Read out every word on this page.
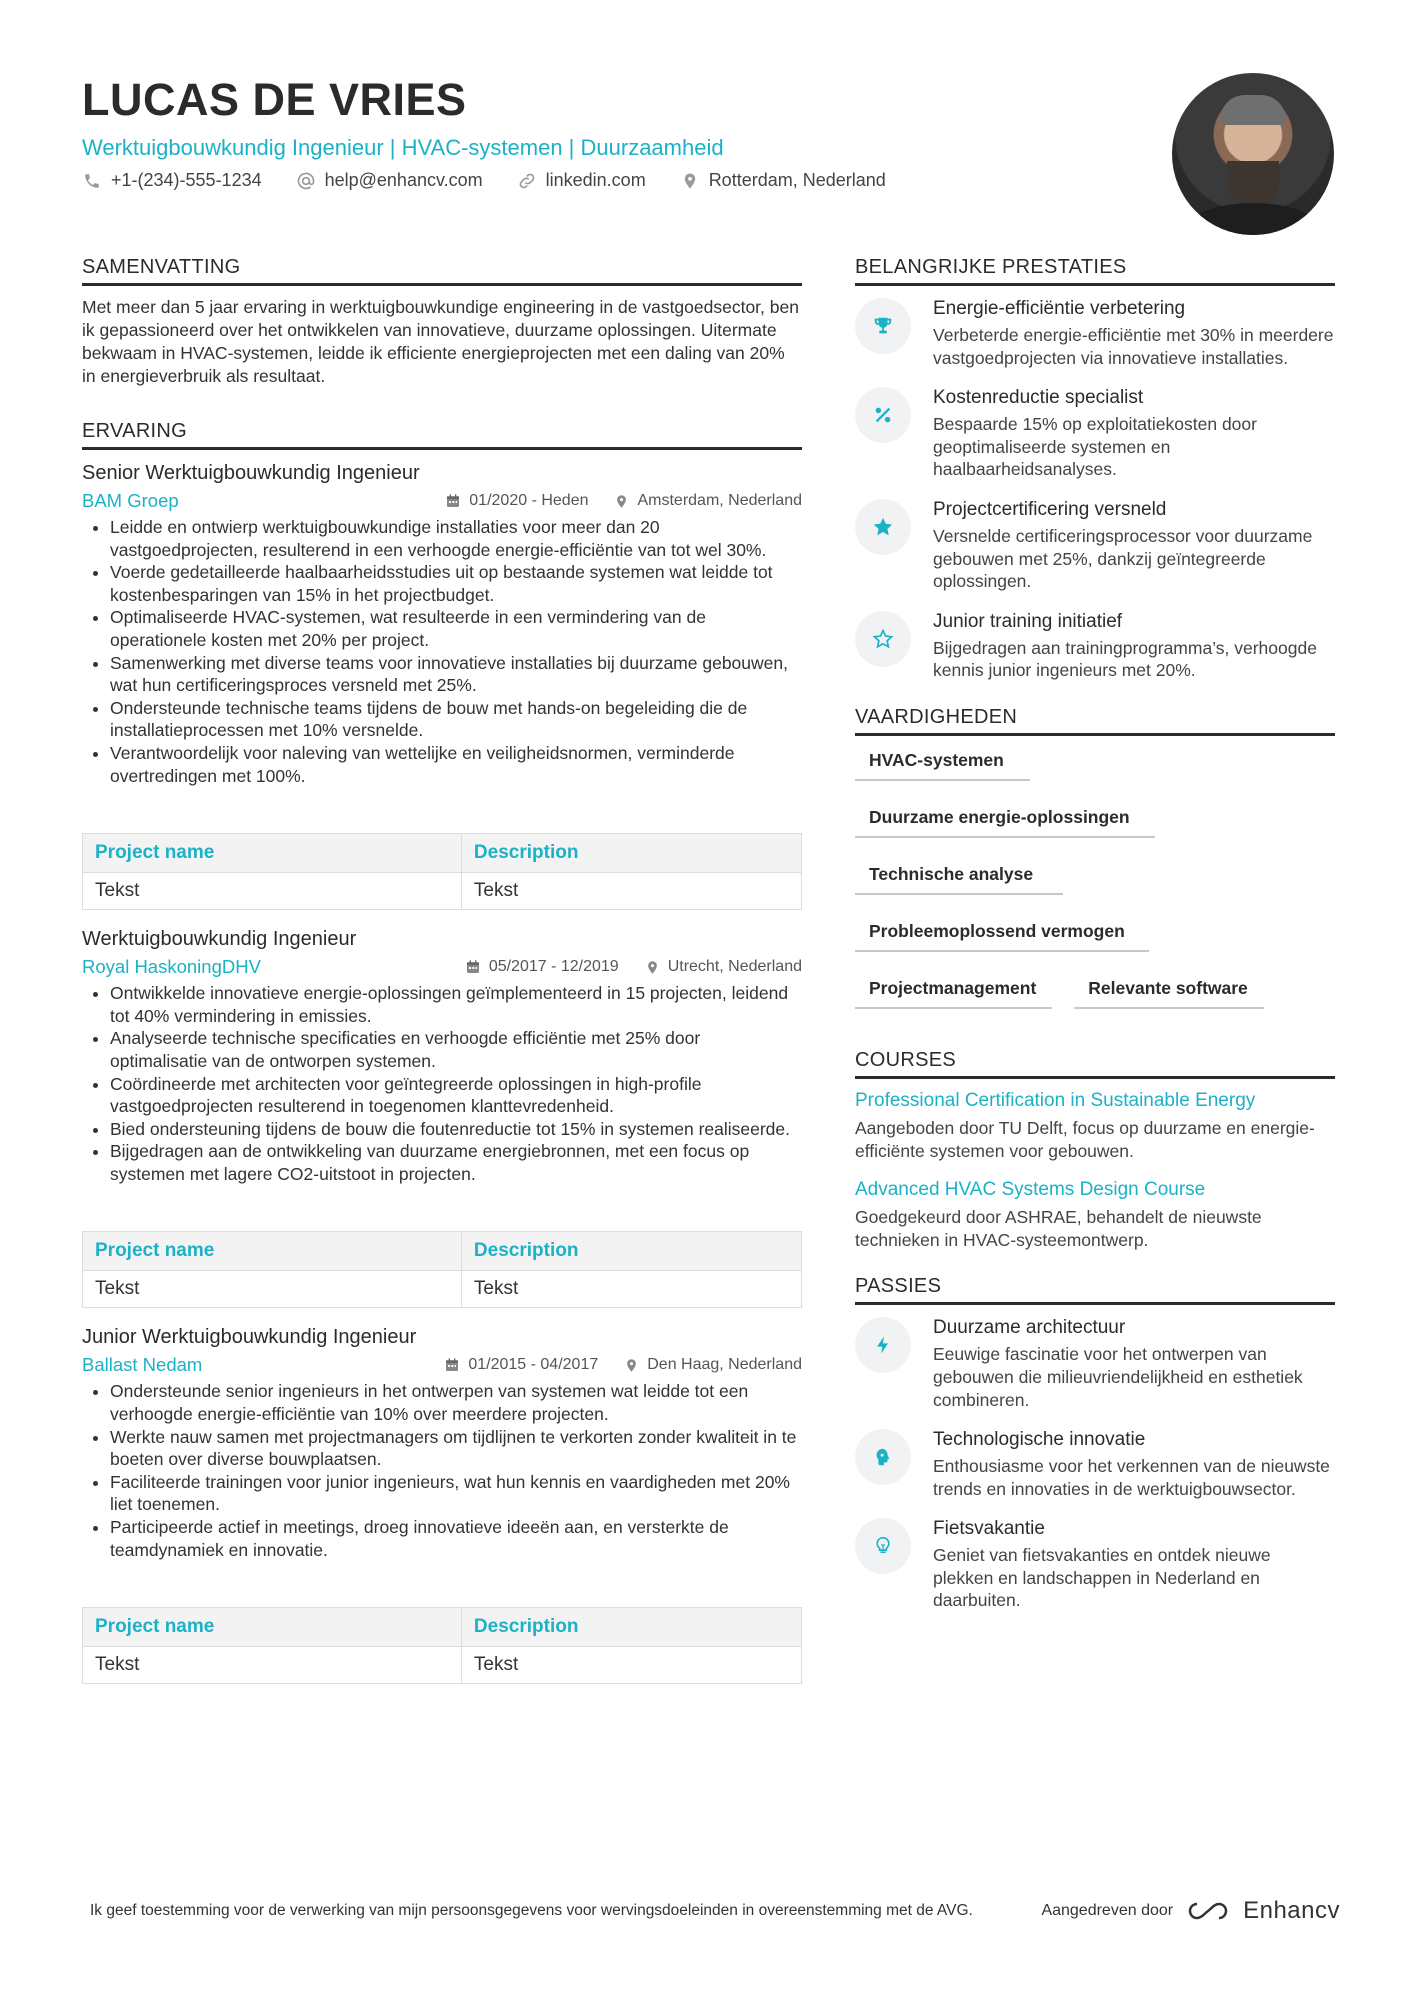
LUCAS DE VRIES
Werktuigbouwkundig Ingenieur | HVAC-systemen | Duurzaamheid
+1-(234)-555-1234	help@enhancv.com	linkedin.com	Rotterdam, Nederland
SAMENVATTING

Met meer dan 5 jaar ervaring in werktuigbouwkundige engineering in de vastgoedsector, ben ik gepassioneerd over het ontwikkelen van innovatieve, duurzame oplossingen. Uitermate bekwaam in HVAC-systemen, leidde ik efficiente energieprojecten met een daling van 20% in energieverbruik als resultaat.

ERVARING
Senior Werktuigbouwkundig Ingenieur
BAM Groep	01/2020 - Heden	Amsterdam, Nederland
• Leidde en ontwierp werktuigbouwkundige installaties voor meer dan 20 vastgoedprojecten, resulterend in een verhoogde energie-efficiëntie van tot wel 30%.
• Voerde gedetailleerde haalbaarheidsstudies uit op bestaande systemen wat leidde tot kostenbesparingen van 15% in het projectbudget.
• Optimaliseerde HVAC-systemen, wat resulteerde in een vermindering van de operationele kosten met 20% per project.
• Samenwerking met diverse teams voor innovatieve installaties bij duurzame gebouwen, wat hun certificeringsproces versneld met 25%.
• Ondersteunde technische teams tijdens de bouw met hands-on begeleiding die de installatieprocessen met 10% versnelde.
• Verantwoordelijk voor naleving van wettelijke en veiligheidsnormen, verminderde overtredingen met 100%.
Project name	Description
Tekst	Tekst
Werktuigbouwkundig Ingenieur
Royal HaskoningDHV	05/2017 - 12/2019	Utrecht, Nederland
• Ontwikkelde innovatieve energie-oplossingen geïmplementeerd in 15 projecten, leidend tot 40% vermindering in emissies.
• Analyseerde technische specificaties en verhoogde efficiëntie met 25% door optimalisatie van de ontworpen systemen.
• Coördineerde met architecten voor geïntegreerde oplossingen in high-profile vastgoedprojecten resulterend in toegenomen klanttevredenheid.
• Bied ondersteuning tijdens de bouw die foutenreductie tot 15% in systemen realiseerde.
• Bijgedragen aan de ontwikkeling van duurzame energiebronnen, met een focus op systemen met lagere CO2-uitstoot in projecten.
Project name	Description
Tekst	Tekst
Junior Werktuigbouwkundig Ingenieur
Ballast Nedam	01/2015 - 04/2017	Den Haag, Nederland
• Ondersteunde senior ingenieurs in het ontwerpen van systemen wat leidde tot een verhoogde energie-efficiëntie van 10% over meerdere projecten.
• Werkte nauw samen met projectmanagers om tijdlijnen te verkorten zonder kwaliteit in te boeten over diverse bouwplaatsen.
• Faciliteerde trainingen voor junior ingenieurs, wat hun kennis en vaardigheden met 20% liet toenemen.
• Participeerde actief in meetings, droeg innovatieve ideeën aan, en versterkte de teamdynamiek en innovatie.
Project name	Description
Tekst	Tekst
BELANGRIJKE PRESTATIES
Energie-efficiëntie verbetering
Verbeterde energie-efficiëntie met 30% in meerdere vastgoedprojecten via innovatieve installaties.
Kostenreductie specialist
Bespaarde 15% op exploitatiekosten door geoptimaliseerde systemen en haalbaarheidsanalyses.
Projectcertificering versneld
Versnelde certificeringsprocessor voor duurzame gebouwen met 25%, dankzij geïntegreerde oplossingen.
Junior training initiatief
Bijgedragen aan trainingprogramma’s, verhoogde kennis junior ingenieurs met 20%.
VAARDIGHEDEN
HVAC-systemen
Duurzame energie-oplossingen
Technische analyse
Probleemoplossend vermogen
Projectmanagement	Relevante software
COURSES
Professional Certification in Sustainable Energy
Aangeboden door TU Delft, focus op duurzame en energie-efficiënte systemen voor gebouwen.
Advanced HVAC Systems Design Course
Goedgekeurd door ASHRAE, behandelt de nieuwste technieken in HVAC-systeemontwerp.
PASSIES
Duurzame architectuur
Eeuwige fascinatie voor het ontwerpen van gebouwen die milieuvriendelijkheid en esthetiek combineren.
Technologische innovatie
Enthousiasme voor het verkennen van de nieuwste trends en innovaties in de werktuigbouwsector.
Fietsvakantie
Geniet van fietsvakanties en ontdek nieuwe plekken en landschappen in Nederland en daarbuiten.
Ik geef toestemming voor de verwerking van mijn persoonsgegevens voor wervingsdoeleinden in overeenstemming met de AVG.	Aangedreven door	Enhancv
